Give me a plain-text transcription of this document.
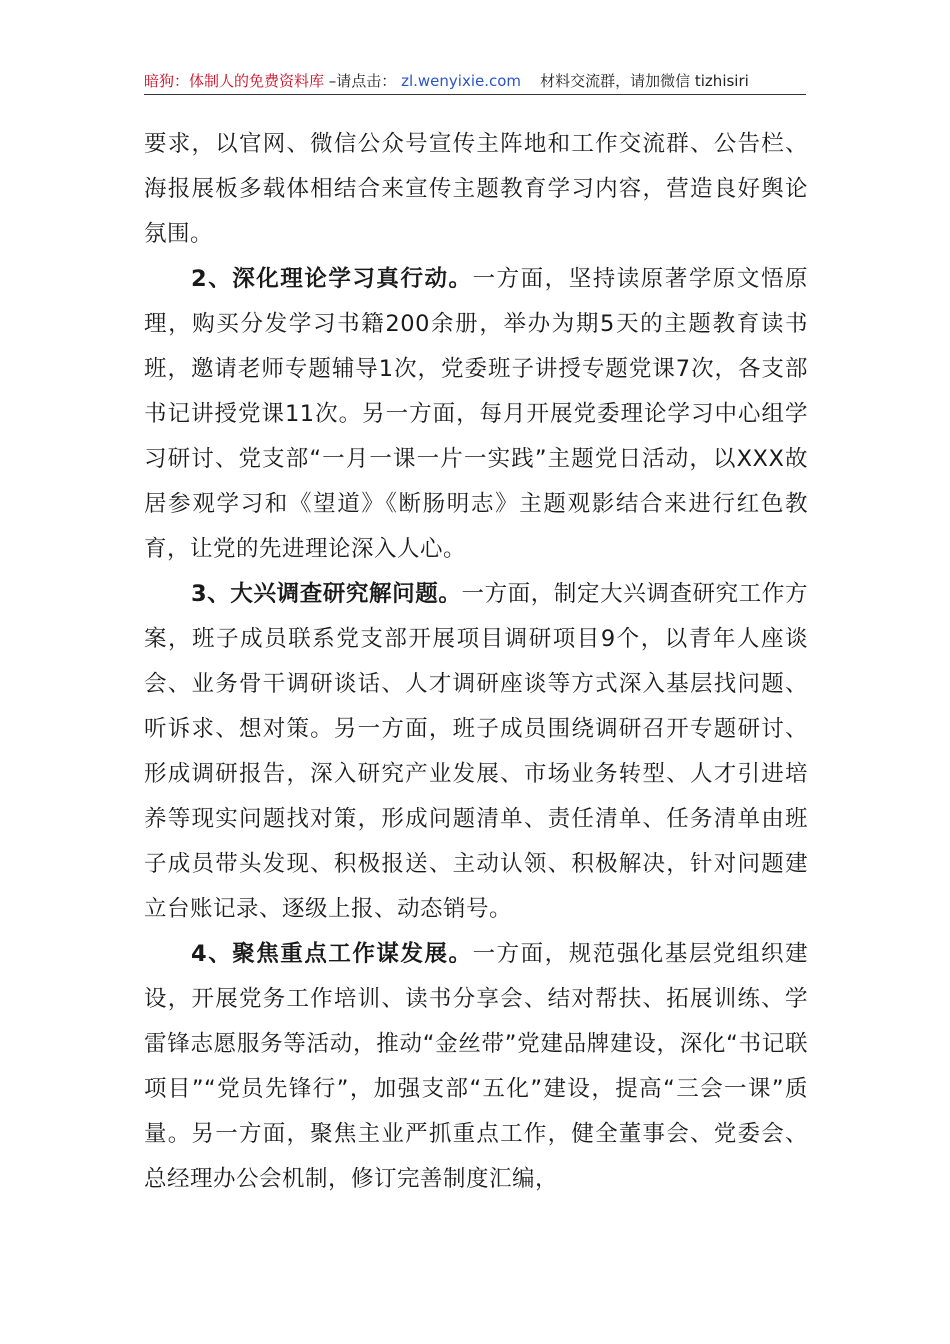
暗狗：体制人的免费资料库 –请点击： zl.wenyixie.com    材料交流群，请加微信 tizhisiri

要求，以官网、微信公众号宣传主阵地和工作交流群、公告栏、海报展板多载体相结合来宣传主题教育学习内容，营造良好舆论氛围。

2、深化理论学习真行动。一方面，坚持读原著学原文悟原理，购买分发学习书籍200余册，举办为期5天的主题教育读书班，邀请老师专题辅导1次，党委班子讲授专题党课7次，各支部书记讲授党课11次。另一方面，每月开展党委理论学习中心组学习研讨、党支部“一月一课一片一实践”主题党日活动，以XXX故居参观学习和《望道》《断肠明志》主题观影结合来进行红色教育，让党的先进理论深入人心。

3、大兴调查研究解问题。一方面，制定大兴调查研究工作方案，班子成员联系党支部开展项目调研项目9个，以青年人座谈会、业务骨干调研谈话、人才调研座谈等方式深入基层找问题、听诉求、想对策。另一方面，班子成员围绕调研召开专题研讨、形成调研报告，深入研究产业发展、市场业务转型、人才引进培养等现实问题找对策，形成问题清单、责任清单、任务清单由班子成员带头发现、积极报送、主动认领、积极解决，针对问题建立台账记录、逐级上报、动态销号。

4、聚焦重点工作谋发展。一方面，规范强化基层党组织建设，开展党务工作培训、读书分享会、结对帮扶、拓展训练、学雷锋志愿服务等活动，推动“金丝带”党建品牌建设，深化“书记联项目”“党员先锋行”，加强支部“五化”建设，提高“三会一课”质量。另一方面，聚焦主业严抓重点工作，健全董事会、党委会、总经理办公会机制，修订完善制度汇编，
